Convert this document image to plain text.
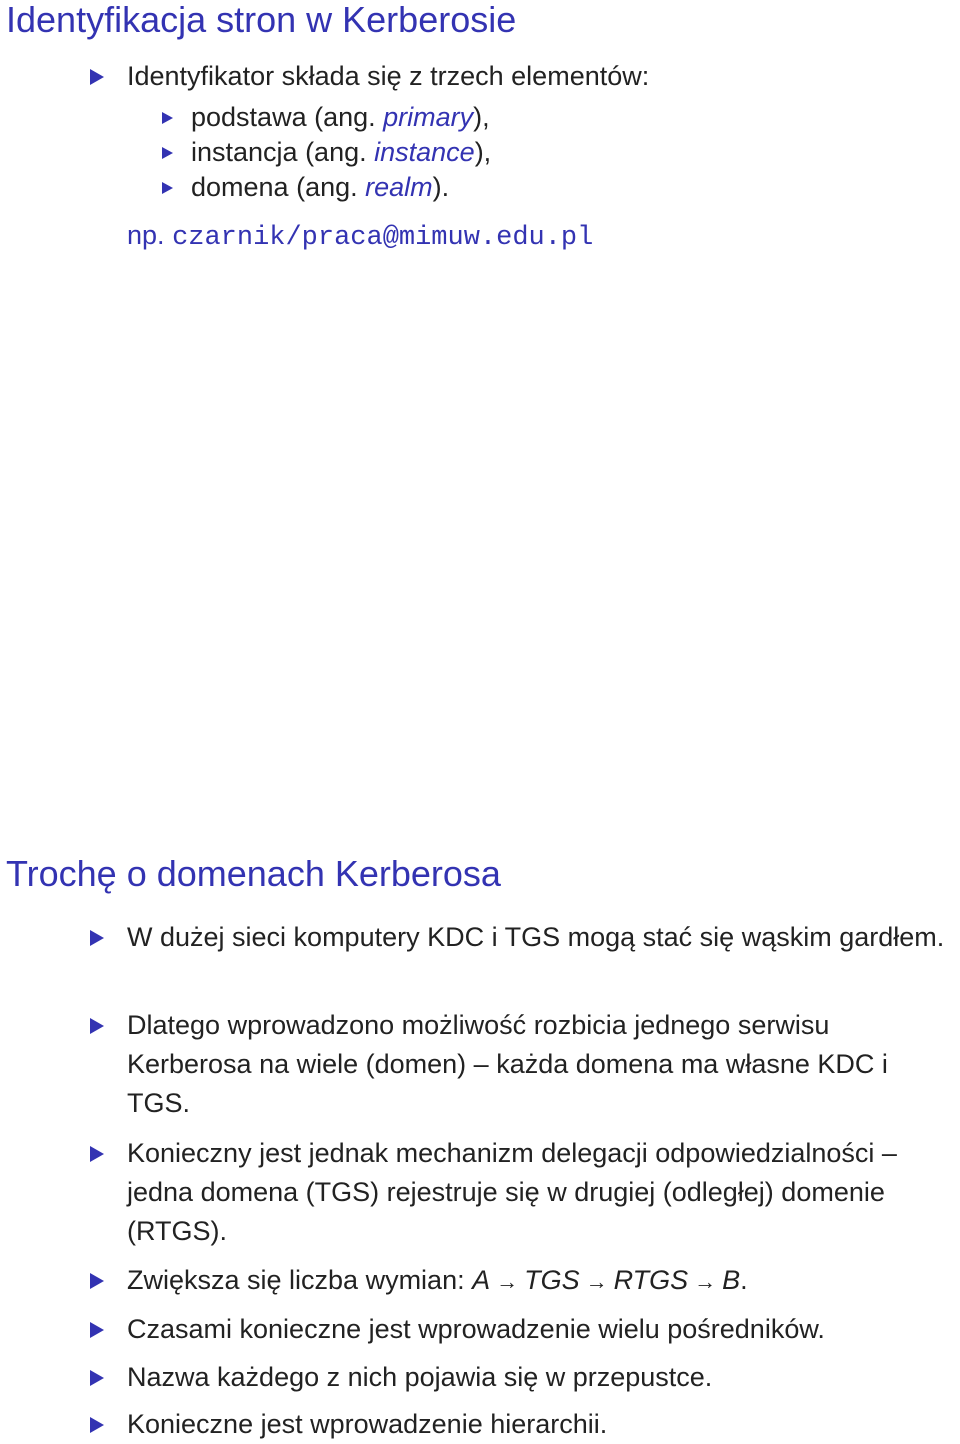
Identyfikacja stron w Kerberosie
Identyfikator składa się z trzech elementów:
podstawa (ang. primary),
instancja (ang. instance),
domena (ang. realm).
np. czarnik/praca@mimuw.edu.pl
Trochę o domenach Kerberosa
W dużej sieci komputery KDC i TGS mogą stać się wąskim gardłem.
Dlatego wprowadzono możliwość rozbicia jednego serwisu Kerberosa na wiele (domen) – każda domena ma własne KDC i TGS.
Konieczny jest jednak mechanizm delegacji odpowiedzialności – jedna domena (TGS) rejestruje się w drugiej (odległej) domenie (RTGS).
Zwiększa się liczba wymian: A → TGS → RTGS → B.
Czasami konieczne jest wprowadzenie wielu pośredników.
Nazwa każdego z nich pojawia się w przepustce.
Konieczne jest wprowadzenie hierarchii.
